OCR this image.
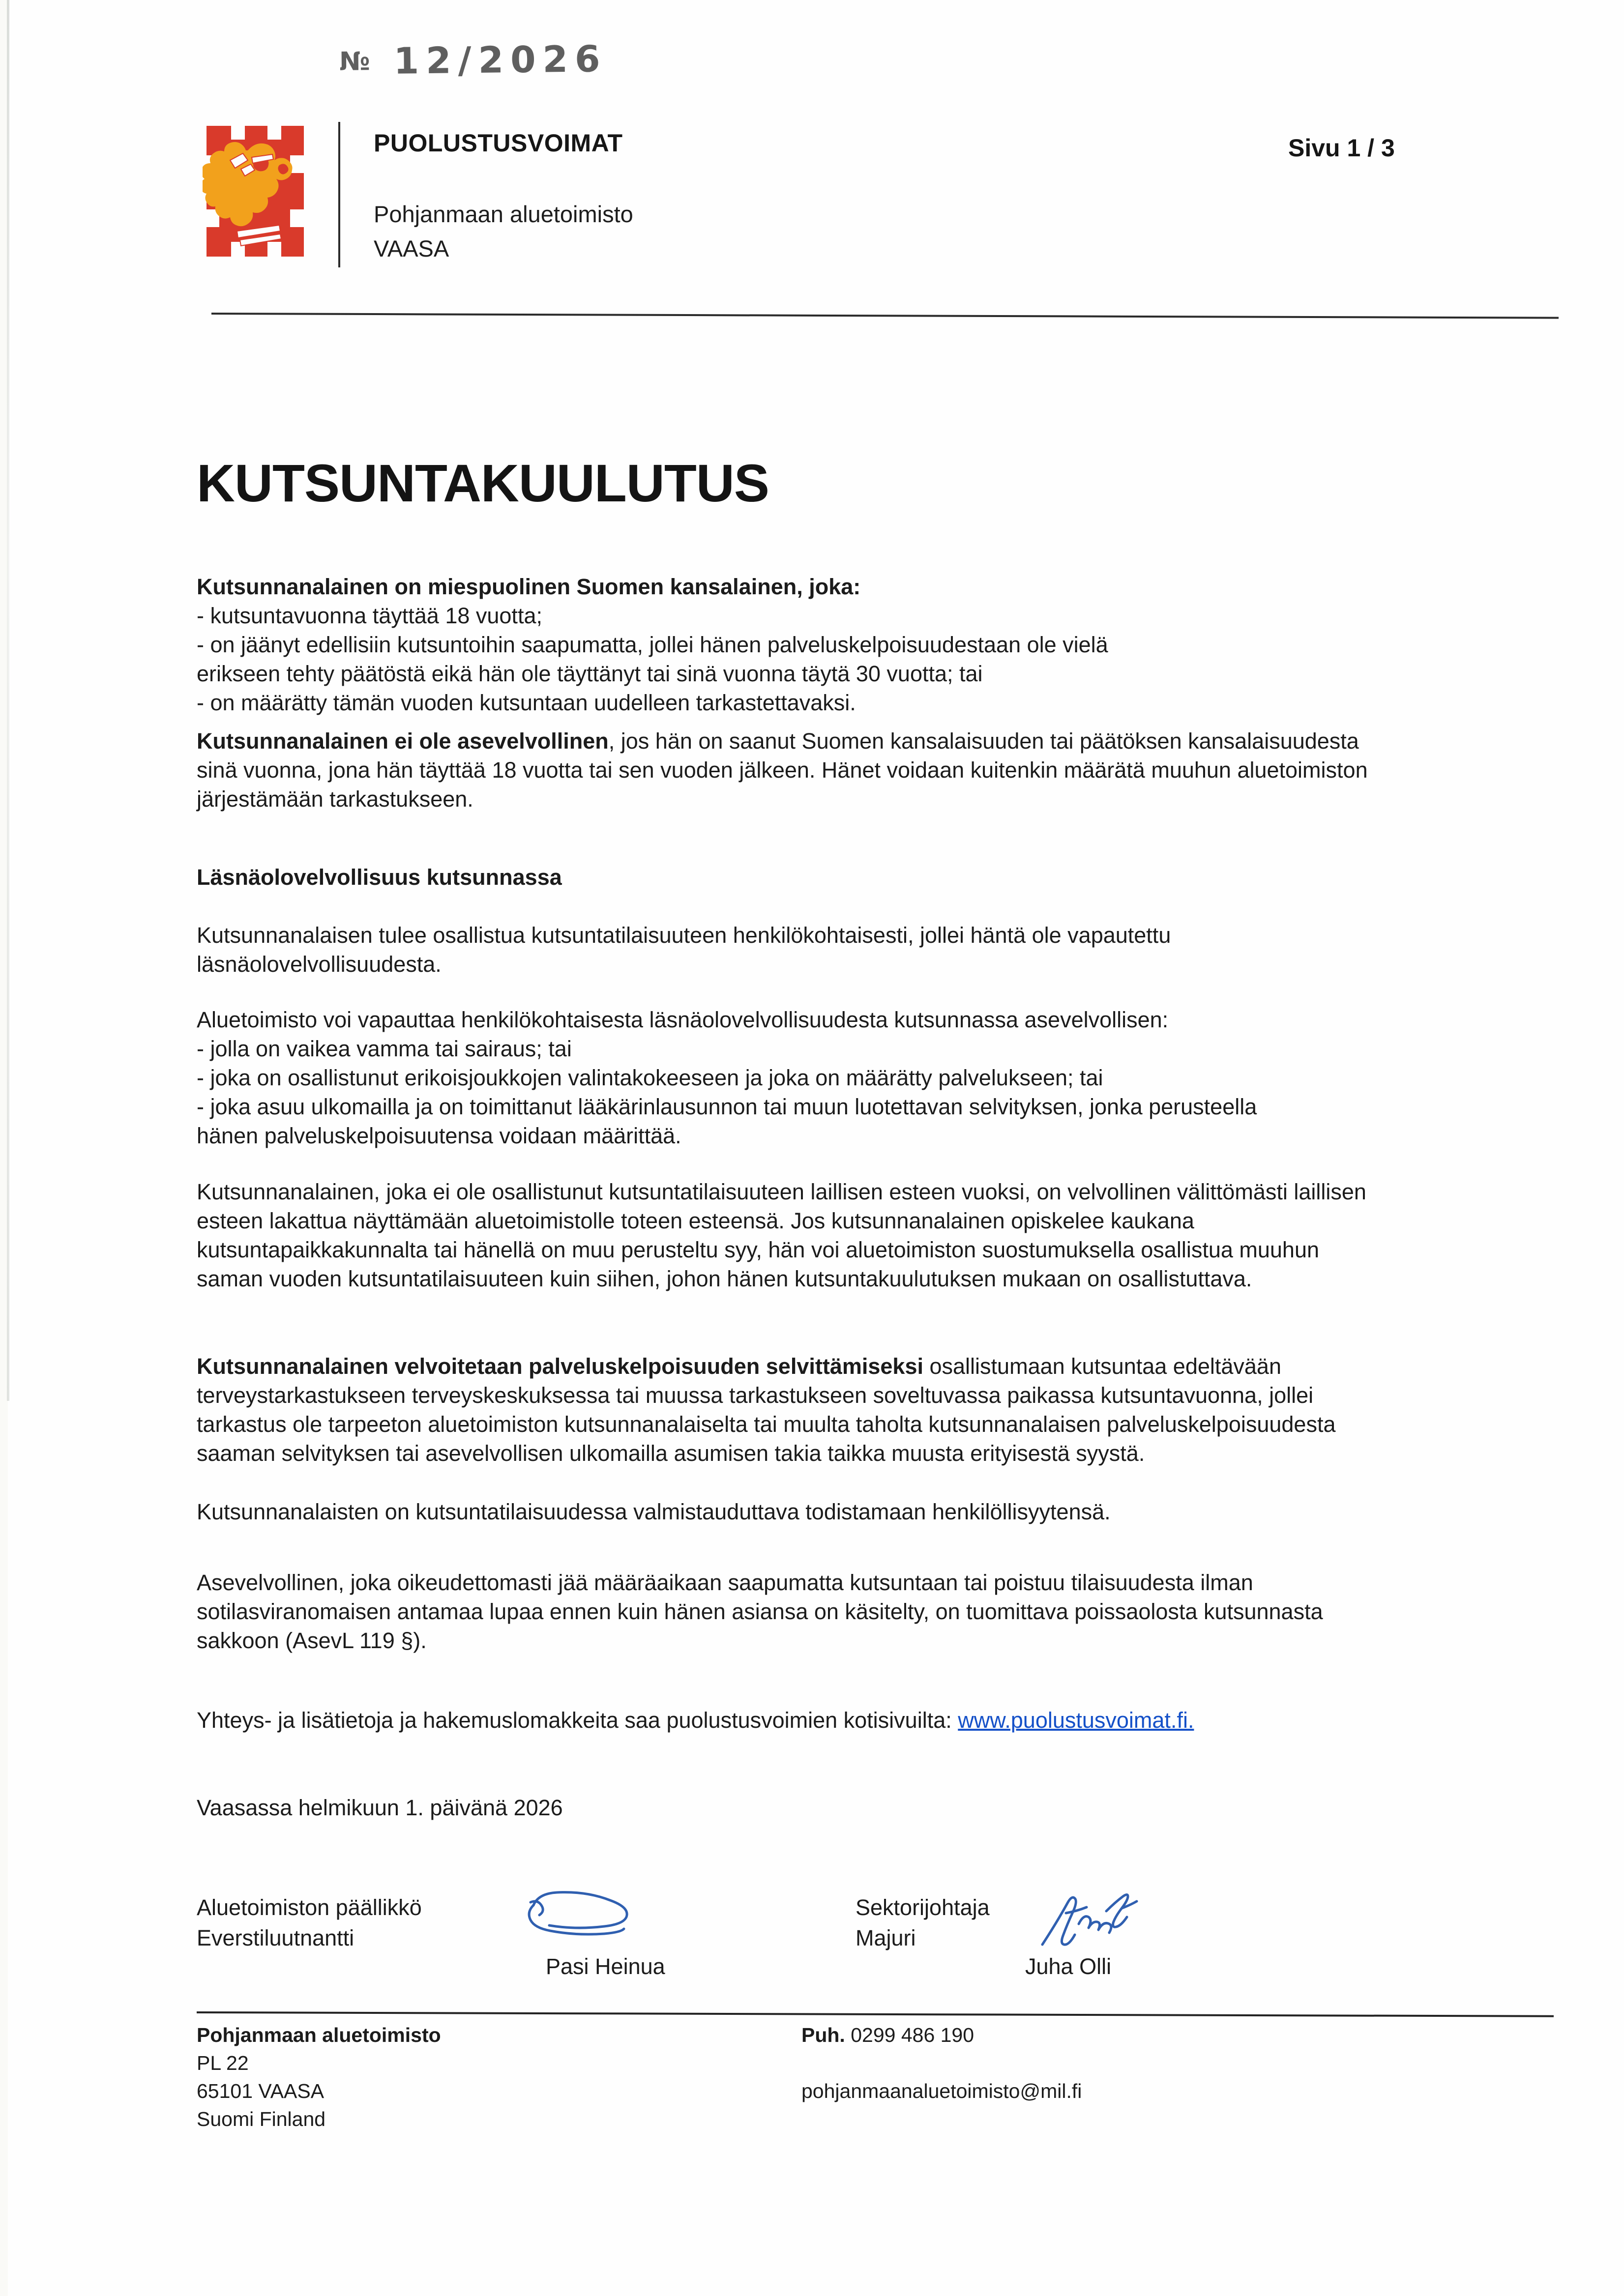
№ 12/2026
PUOLUSTUSVOIMAT
Pohjanmaan aluetoimisto
VAASA
Sivu 1 / 3
KUTSUNTAKUULUTUS
Kutsunnanalainen on miespuolinen Suomen kansalainen, joka:
- kutsuntavuonna täyttää 18 vuotta;
- on jäänyt edellisiin kutsuntoihin saapumatta, jollei hänen palveluskelpoisuudestaan ole vielä
erikseen tehty päätöstä eikä hän ole täyttänyt tai sinä vuonna täytä 30 vuotta; tai
- on määrätty tämän vuoden kutsuntaan uudelleen tarkastettavaksi.
Kutsunnanalainen ei ole asevelvollinen, jos hän on saanut Suomen kansalaisuuden tai päätöksen kansalaisuudesta sinä vuonna, jona hän täyttää 18 vuotta tai sen vuoden jälkeen. Hänet voidaan kuitenkin määrätä muuhun aluetoimiston järjestämään tarkastukseen.
Läsnäolovelvollisuus kutsunnassa
Kutsunnanalaisen tulee osallistua kutsuntatilaisuuteen henkilökohtaisesti, jollei häntä ole vapautettu läsnäolovelvollisuudesta.
Aluetoimisto voi vapauttaa henkilökohtaisesta läsnäolovelvollisuudesta kutsunnassa asevelvollisen:
- jolla on vaikea vamma tai sairaus; tai
- joka on osallistunut erikoisjoukkojen valintakokeeseen ja joka on määrätty palvelukseen; tai
- joka asuu ulkomailla ja on toimittanut lääkärinlausunnon tai muun luotettavan selvityksen, jonka perusteella
hänen palveluskelpoisuutensa voidaan määrittää.
Kutsunnanalainen, joka ei ole osallistunut kutsuntatilaisuuteen laillisen esteen vuoksi, on velvollinen välittömästi laillisen esteen lakattua näyttämään aluetoimistolle toteen esteensä. Jos kutsunnanalainen opiskelee kaukana kutsuntapaikkakunnalta tai hänellä on muu perusteltu syy, hän voi aluetoimiston suostumuksella osallistua muuhun saman vuoden kutsuntatilaisuuteen kuin siihen, johon hänen kutsuntakuulutuksen mukaan on osallistuttava.
Kutsunnanalainen velvoitetaan palveluskelpoisuuden selvittämiseksi osallistumaan kutsuntaa edeltävään terveystarkastukseen terveyskeskuksessa tai muussa tarkastukseen soveltuvassa paikassa kutsuntavuonna, jollei tarkastus ole tarpeeton aluetoimiston kutsunnanalaiselta tai muulta taholta kutsunnanalaisen palveluskelpoisuudesta saaman selvityksen tai asevelvollisen ulkomailla asumisen takia taikka muusta erityisestä syystä.
Kutsunnanalaisten on kutsuntatilaisuudessa valmistauduttava todistamaan henkilöllisyytensä.
Asevelvollinen, joka oikeudettomasti jää määräaikaan saapumatta kutsuntaan tai poistuu tilaisuudesta ilman sotilasviranomaisen antamaa lupaa ennen kuin hänen asiansa on käsitelty, on tuomittava poissaolosta kutsunnasta sakkoon (AsevL 119 §).
Yhteys- ja lisätietoja ja hakemuslomakkeita saa puolustusvoimien kotisivuilta: www.puolustusvoimat.fi.
Vaasassa helmikuun 1. päivänä 2026
Aluetoimiston päällikkö
Everstiluutnantti
Pasi Heinua
Sektorijohtaja
Majuri
Juha Olli
Pohjanmaan aluetoimisto
PL 22
65101 VAASA
Suomi Finland
Puh. 0299 486 190
pohjanmaanaluetoimisto@mil.fi
